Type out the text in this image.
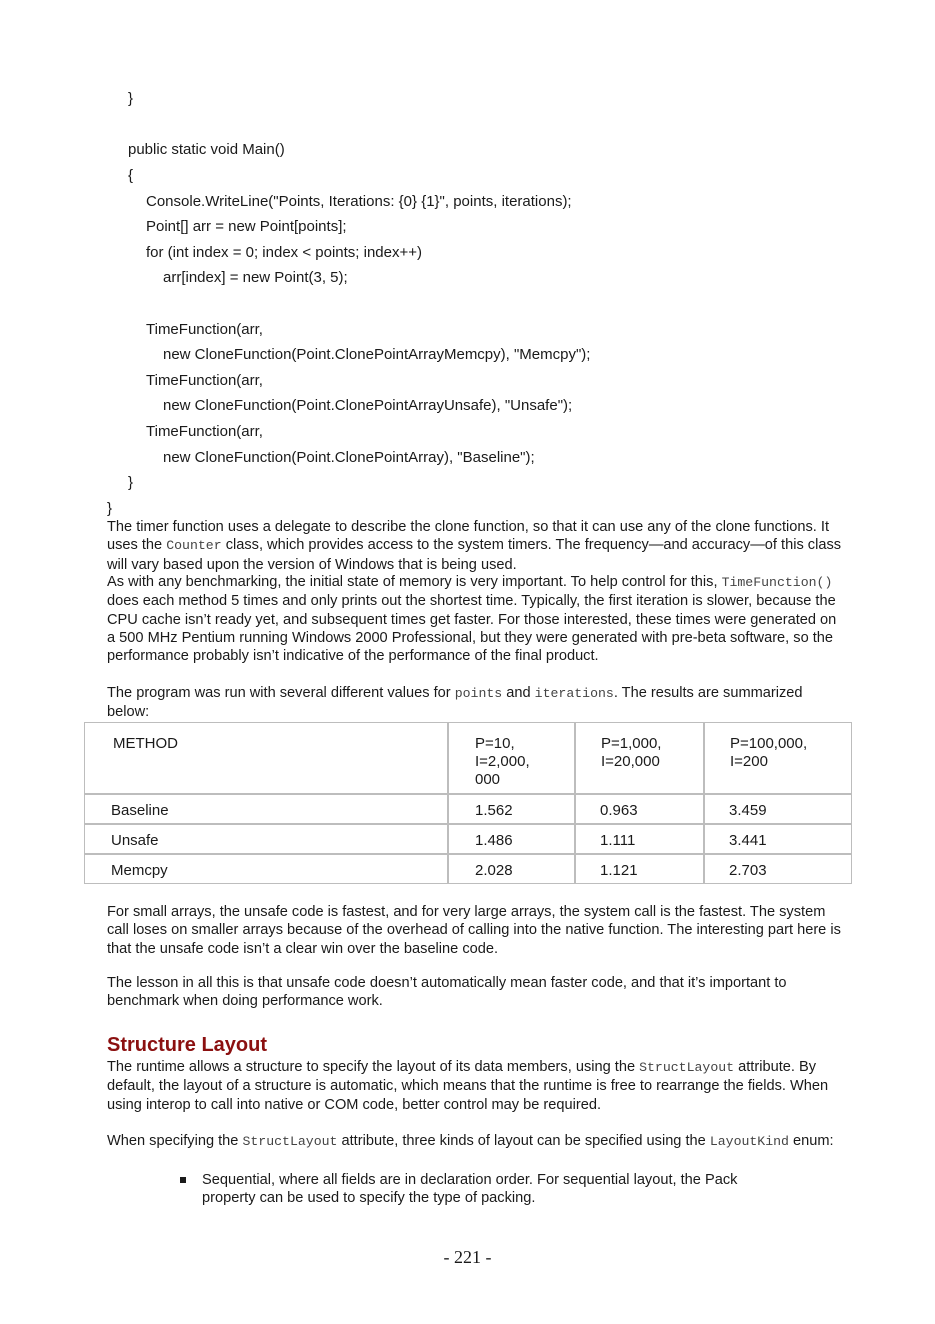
}
public static void Main()
{
Console.WriteLine("Points, Iterations: {0} {1}", points, iterations);
Point[] arr = new Point[points];
for (int index = 0; index < points; index++)
arr[index] = new Point(3, 5);
TimeFunction(arr,
new CloneFunction(Point.ClonePointArrayMemcpy), "Memcpy");
TimeFunction(arr,
new CloneFunction(Point.ClonePointArrayUnsafe), "Unsafe");
TimeFunction(arr,
new CloneFunction(Point.ClonePointArray), "Baseline");
}
}
The timer function uses a delegate to describe the clone function, so that it can use any of the clone functions. It uses the Counter class, which provides access to the system timers. The frequency—and accuracy—of this class will vary based upon the version of Windows that is being used.
As with any benchmarking, the initial state of memory is very important. To help control for this, TimeFunction() does each method 5 times and only prints out the shortest time. Typically, the first iteration is slower, because the CPU cache isn’t ready yet, and subsequent times get faster. For those interested, these times were generated on a 500 MHz Pentium running Windows 2000 Professional, but they were generated with pre-beta software, so the performance probably isn’t indicative of the performance of the final product.
The program was run with several different values for points and iterations. The results are summarized below:
METHOD	P=10, I=2,000, 000	P=1,000, I=20,000	P=100,000, I=200

Baseline	1.562	0.963	3.459

Unsafe	1.486	1.111	3.441

Memcpy	2.028	1.121	2.703
For small arrays, the unsafe code is fastest, and for very large arrays, the system call is the fastest. The system call loses on smaller arrays because of the overhead of calling into the native function. The interesting part here is that the unsafe code isn’t a clear win over the baseline code.
The lesson in all this is that unsafe code doesn’t automatically mean faster code, and that it’s important to benchmark when doing performance work.
Structure Layout
The runtime allows a structure to specify the layout of its data members, using the StructLayout attribute. By default, the layout of a structure is automatic, which means that the runtime is free to rearrange the fields. When using interop to call into native or COM code, better control may be required.
When specifying the StructLayout attribute, three kinds of layout can be specified using the LayoutKind enum:
Sequential, where all fields are in declaration order. For sequential layout, the Pack property can be used to specify the type of packing.
- 221 -
